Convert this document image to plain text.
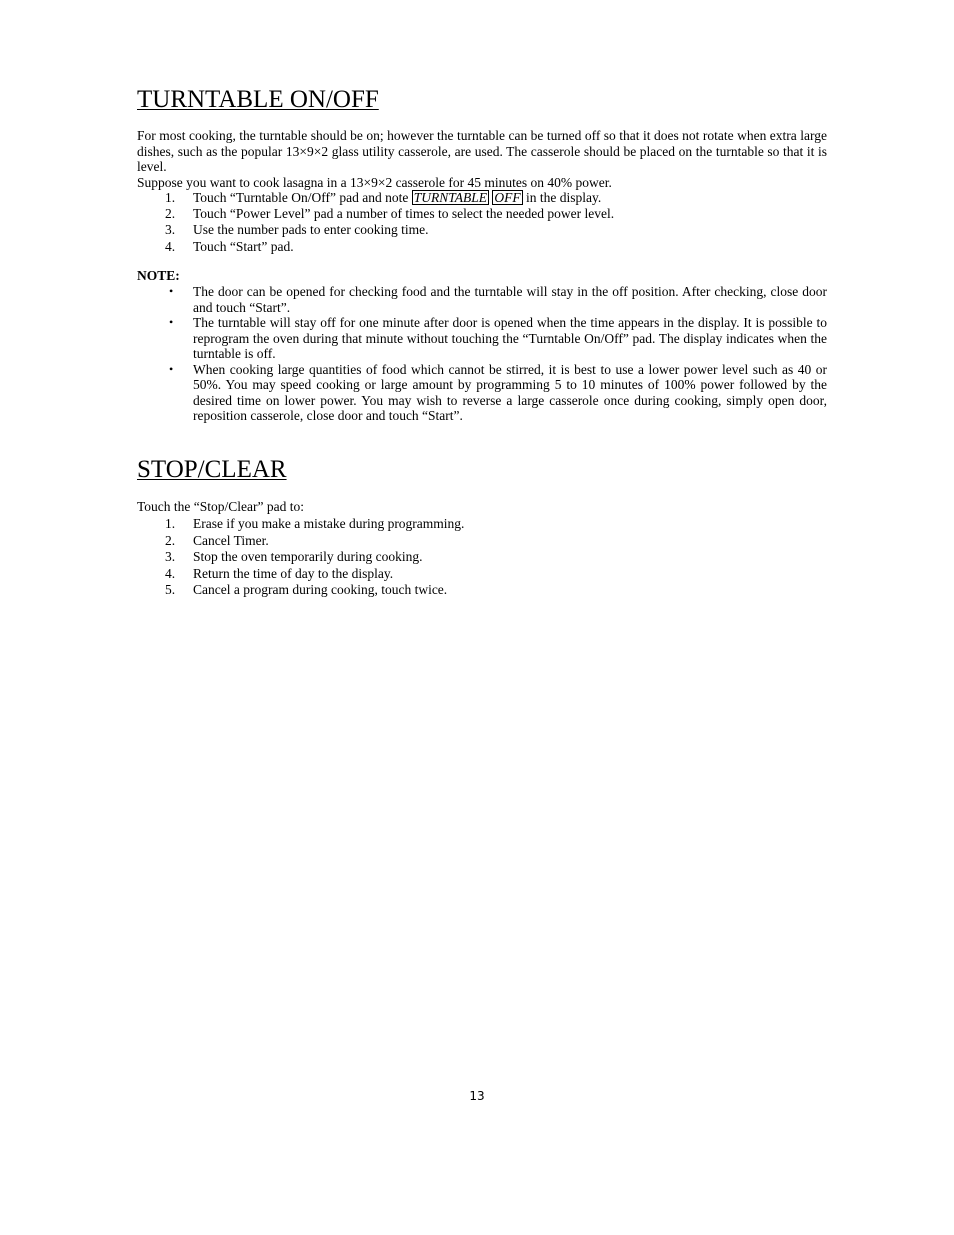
TURNTABLE ON/OFF

For most cooking, the turntable should be on; however the turntable can be turned off so that it does not rotate when extra large dishes, such as the popular 13×9×2 glass utility casserole, are used. The casserole should be placed on the turntable so that it is level.

Suppose you want to cook lasagna in a 13×9×2 casserole for 45 minutes on 40% power.

1. Touch “Turntable On/Off” pad and note TURNTABLE OFF in the display.
2. Touch “Power Level” pad a number of times to select the needed power level.
3. Use the number pads to enter cooking time.
4. Touch “Start” pad.
NOTE:
• The door can be opened for checking food and the turntable will stay in the off position. After checking, close door and touch “Start”.
• The turntable will stay off for one minute after door is opened when the time appears in the display. It is possible to reprogram the oven during that minute without touching the “Turntable On/Off” pad. The display indicates when the turntable is off.
• When cooking large quantities of food which cannot be stirred, it is best to use a lower power level such as 40 or 50%. You may speed cooking or large amount by programming 5 to 10 minutes of 100% power followed by the desired time on lower power. You may wish to reverse a large casserole once during cooking, simply open door, reposition casserole, close door and touch “Start”.
STOP/CLEAR

Touch the “Stop/Clear” pad to:

1. Erase if you make a mistake during programming.
2. Cancel Timer.
3. Stop the oven temporarily during cooking.
4. Return the time of day to the display.
5. Cancel a program during cooking, touch twice.
13
